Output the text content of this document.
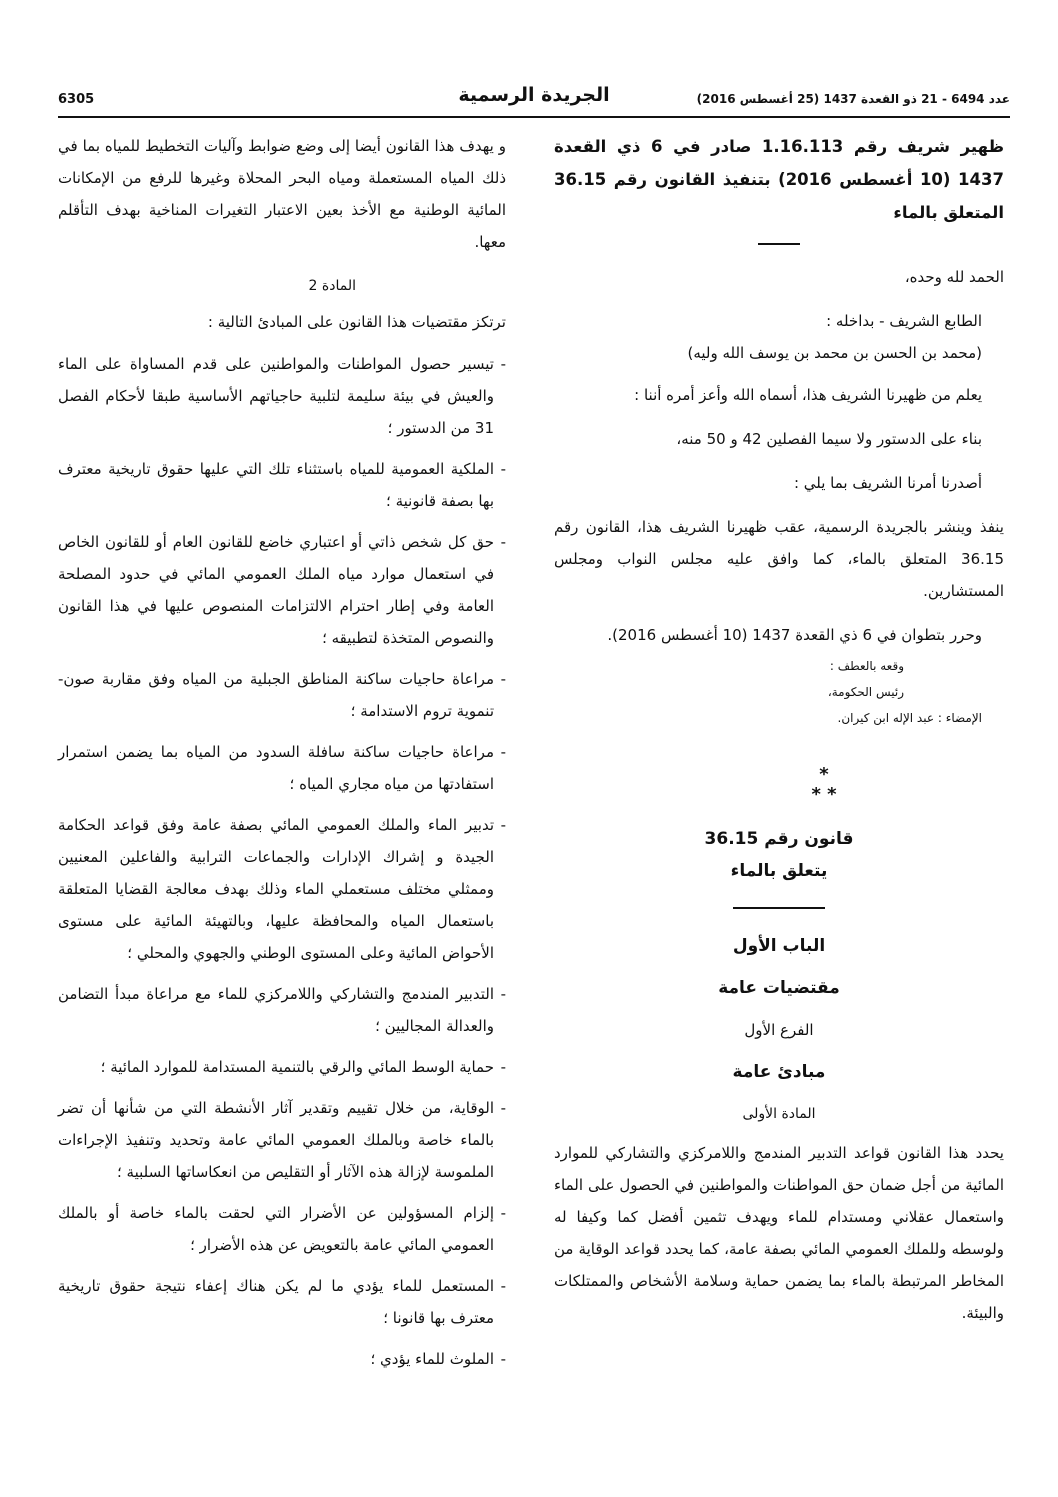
6305	الجريدة الرسمية	عدد 6494 - 21 ذو القعدة 1437 (25 أغسطس 2016)

ظهير شريف رقم 1.16.113 صادر في 6 ذي القعدة 1437 (10 أغسطس 2016) بتنفيذ القانون رقم 36.15 المتعلق بالماء

الحمد لله وحده،

الطابع الشريف - بداخله :

(محمد بن الحسن بن محمد بن يوسف الله وليه)

يعلم من ظهيرنا الشريف هذا، أسماه الله وأعز أمره أننا :

بناء على الدستور ولا سيما الفصلين 42 و 50 منه،

أصدرنا أمرنا الشريف بما يلي :

ينفذ وينشر بالجريدة الرسمية، عقب ظهيرنا الشريف هذا، القانون رقم 36.15 المتعلق بالماء، كما وافق عليه مجلس النواب ومجلس المستشارين.

وحرر بتطوان في 6 ذي القعدة 1437 (10 أغسطس 2016).

وقعه بالعطف :

رئيس الحكومة،

الإمضاء : عبد الإله ابن كيران.

*
* *

قانون رقم 36.15

يتعلق بالماء

الباب الأول

مقتضيات عامة

الفرع الأول

مبادئ عامة

المادة الأولى

يحدد هذا القانون قواعد التدبير المندمج واللامركزي والتشاركي للموارد المائية من أجل ضمان حق المواطنات والمواطنين في الحصول على الماء واستعمال عقلاني ومستدام للماء ويهدف تثمين أفضل كما وكيفا له ولوسطه وللملك العمومي المائي بصفة عامة، كما يحدد قواعد الوقاية من المخاطر المرتبطة بالماء بما يضمن حماية وسلامة الأشخاص والممتلكات والبيئة.

و يهدف هذا القانون أيضا إلى وضع ضوابط وآليات التخطيط للمياه بما في ذلك المياه المستعملة ومياه البحر المحلاة وغيرها للرفع من الإمكانات المائية الوطنية مع الأخذ بعين الاعتبار التغيرات المناخية بهدف التأقلم معها.

المادة 2

ترتكز مقتضيات هذا القانون على المبادئ التالية :

- تيسير حصول المواطنات والمواطنين على قدم المساواة على الماء والعيش في بيئة سليمة لتلبية حاجياتهم الأساسية طبقا لأحكام الفصل 31 من الدستور ؛
- الملكية العمومية للمياه باستثناء تلك التي عليها حقوق تاريخية معترف بها بصفة قانونية ؛
- حق كل شخص ذاتي أو اعتباري خاضع للقانون العام أو للقانون الخاص في استعمال موارد مياه الملك العمومي المائي في حدود المصلحة العامة وفي إطار احترام الالتزامات المنصوص عليها في هذا القانون والنصوص المتخذة لتطبيقه ؛
- مراعاة حاجيات ساكنة المناطق الجبلية من المياه وفق مقاربة صون-تنموية تروم الاستدامة ؛
- مراعاة حاجيات ساكنة سافلة السدود من المياه بما يضمن استمرار استفادتها من مياه مجاري المياه ؛
- تدبير الماء والملك العمومي المائي بصفة عامة وفق قواعد الحكامة الجيدة و إشراك الإدارات والجماعات الترابية والفاعلين المعنيين وممثلي مختلف مستعملي الماء وذلك بهدف معالجة القضايا المتعلقة باستعمال المياه والمحافظة عليها، وبالتهيئة المائية على مستوى الأحواض المائية وعلى المستوى الوطني والجهوي والمحلي ؛
- التدبير المندمج والتشاركي واللامركزي للماء مع مراعاة مبدأ التضامن والعدالة المجاليين ؛
- حماية الوسط المائي والرقي بالتنمية المستدامة للموارد المائية ؛
- الوقاية، من خلال تقييم وتقدير آثار الأنشطة التي من شأنها أن تضر بالماء خاصة وبالملك العمومي المائي عامة وتحديد وتنفيذ الإجراءات الملموسة لإزالة هذه الآثار أو التقليص من انعكاساتها السلبية ؛
- إلزام المسؤولين عن الأضرار التي لحقت بالماء خاصة أو بالملك العمومي المائي عامة بالتعويض عن هذه الأضرار ؛
- المستعمل للماء يؤدي ما لم يكن هناك إعفاء نتيجة حقوق تاريخية معترف بها قانونا ؛
- الملوث للماء يؤدي ؛
